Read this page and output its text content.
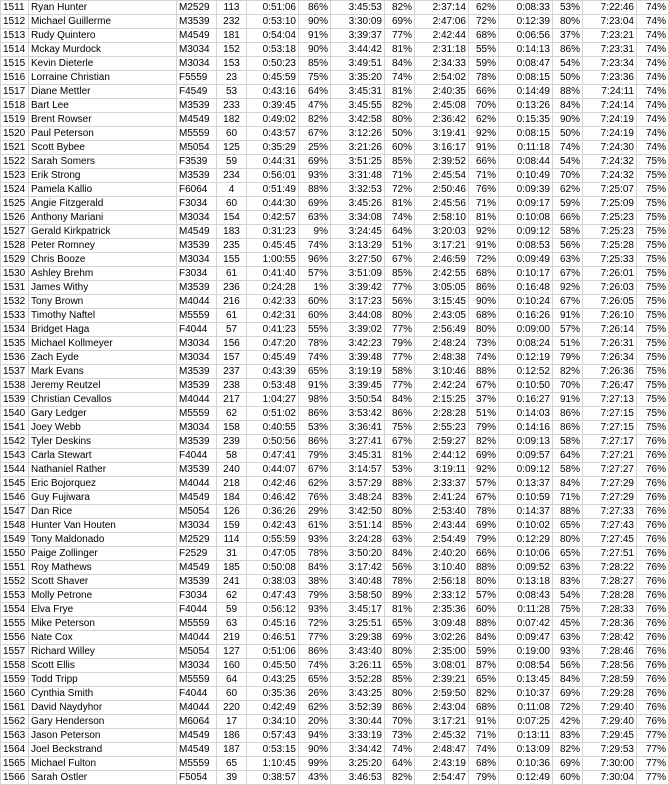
1511	Ryan Hunter	M2529	113	0:51:06	86%	3:45:53	82%	2:37:14	62%	0:08:33	53%	7:22:46	74%
1512	Michael Guillerme	M3539	232	0:53:10	90%	3:30:09	69%	2:47:06	72%	0:12:39	80%	7:23:04	74%
1513	Rudy Quintero	M4549	181	0:54:04	91%	3:39:37	77%	2:42:44	68%	0:06:56	37%	7:23:21	74%
1514	Mckay Murdock	M3034	152	0:53:18	90%	3:44:42	81%	2:31:18	55%	0:14:13	86%	7:23:31	74%
1515	Kevin Dieterle	M3034	153	0:50:23	85%	3:49:51	84%	2:34:33	59%	0:08:47	54%	7:23:34	74%
1516	Lorraine Christian	F5559	23	0:45:59	75%	3:35:20	74%	2:54:02	78%	0:08:15	50%	7:23:36	74%
1517	Diane Mettler	F4549	53	0:43:16	64%	3:45:31	81%	2:40:35	66%	0:14:49	88%	7:24:11	74%
1518	Bart Lee	M3539	233	0:39:45	47%	3:45:55	82%	2:45:08	70%	0:13:26	84%	7:24:14	74%
1519	Brent Rowser	M4549	182	0:49:02	82%	3:42:58	80%	2:36:42	62%	0:15:35	90%	7:24:19	74%
1520	Paul Peterson	M5559	60	0:43:57	67%	3:12:26	50%	3:19:41	92%	0:08:15	50%	7:24:19	74%
1521	Scott Bybee	M5054	125	0:35:29	25%	3:21:26	60%	3:16:17	91%	0:11:18	74%	7:24:30	74%
1522	Sarah Somers	F3539	59	0:44:31	69%	3:51:25	85%	2:39:52	66%	0:08:44	54%	7:24:32	75%
1523	Erik Strong	M3539	234	0:56:01	93%	3:31:48	71%	2:45:54	71%	0:10:49	70%	7:24:32	75%
1524	Pamela Kallio	F6064	4	0:51:49	88%	3:32:53	72%	2:50:46	76%	0:09:39	62%	7:25:07	75%
1525	Angie Fitzgerald	F3034	60	0:44:30	69%	3:45:26	81%	2:45:56	71%	0:09:17	59%	7:25:09	75%
1526	Anthony Mariani	M3034	154	0:42:57	63%	3:34:08	74%	2:58:10	81%	0:10:08	66%	7:25:23	75%
1527	Gerald Kirkpatrick	M4549	183	0:31:23	9%	3:24:45	64%	3:20:03	92%	0:09:12	58%	7:25:23	75%
1528	Peter Romney	M3539	235	0:45:45	74%	3:13:29	51%	3:17:21	91%	0:08:53	56%	7:25:28	75%
1529	Chris Booze	M3034	155	1:00:55	96%	3:27:50	67%	2:46:59	72%	0:09:49	63%	7:25:33	75%
1530	Ashley Brehm	F3034	61	0:41:40	57%	3:51:09	85%	2:42:55	68%	0:10:17	67%	7:26:01	75%
1531	James Withy	M3539	236	0:24:28	1%	3:39:42	77%	3:05:05	86%	0:16:48	92%	7:26:03	75%
1532	Tony Brown	M4044	216	0:42:33	60%	3:17:23	56%	3:15:45	90%	0:10:24	67%	7:26:05	75%
1533	Timothy Naftel	M5559	61	0:42:31	60%	3:44:08	80%	2:43:05	68%	0:16:26	91%	7:26:10	75%
1534	Bridget Haga	F4044	57	0:41:23	55%	3:39:02	77%	2:56:49	80%	0:09:00	57%	7:26:14	75%
1535	Michael Kollmeyer	M3034	156	0:47:20	78%	3:42:23	79%	2:48:24	73%	0:08:24	51%	7:26:31	75%
1536	Zach Eyde	M3034	157	0:45:49	74%	3:39:48	77%	2:48:38	74%	0:12:19	79%	7:26:34	75%
1537	Mark Evans	M3539	237	0:43:39	65%	3:19:19	58%	3:10:46	88%	0:12:52	82%	7:26:36	75%
1538	Jeremy Reutzel	M3539	238	0:53:48	91%	3:39:45	77%	2:42:24	67%	0:10:50	70%	7:26:47	75%
1539	Christian Cevallos	M4044	217	1:04:27	98%	3:50:54	84%	2:15:25	37%	0:16:27	91%	7:27:13	75%
1540	Gary Ledger	M5559	62	0:51:02	86%	3:53:42	86%	2:28:28	51%	0:14:03	86%	7:27:15	75%
1541	Joey Webb	M3034	158	0:40:55	53%	3:36:41	75%	2:55:23	79%	0:14:16	86%	7:27:15	75%
1542	Tyler Deskins	M3539	239	0:50:56	86%	3:27:41	67%	2:59:27	82%	0:09:13	58%	7:27:17	76%
1543	Carla Stewart	F4044	58	0:47:41	79%	3:45:31	81%	2:44:12	69%	0:09:57	64%	7:27:21	76%
1544	Nathaniel Rather	M3539	240	0:44:07	67%	3:14:57	53%	3:19:11	92%	0:09:12	58%	7:27:27	76%
1545	Eric Bojorquez	M4044	218	0:42:46	62%	3:57:29	88%	2:33:37	57%	0:13:37	84%	7:27:29	76%
1546	Guy Fujiwara	M4549	184	0:46:42	76%	3:48:24	83%	2:41:24	67%	0:10:59	71%	7:27:29	76%
1547	Dan Rice	M5054	126	0:36:26	29%	3:42:50	80%	2:53:40	78%	0:14:37	88%	7:27:33	76%
1548	Hunter Van Houten	M3034	159	0:42:43	61%	3:51:14	85%	2:43:44	69%	0:10:02	65%	7:27:43	76%
1549	Tony Maldonado	M2529	114	0:55:59	93%	3:24:28	63%	2:54:49	79%	0:12:29	80%	7:27:45	76%
1550	Paige Zollinger	F2529	31	0:47:05	78%	3:50:20	84%	2:40:20	66%	0:10:06	65%	7:27:51	76%
1551	Roy Mathews	M4549	185	0:50:08	84%	3:17:42	56%	3:10:40	88%	0:09:52	63%	7:28:22	76%
1552	Scott Shaver	M3539	241	0:38:03	38%	3:40:48	78%	2:56:18	80%	0:13:18	83%	7:28:27	76%
1553	Molly Petrone	F3034	62	0:47:43	79%	3:58:50	89%	2:33:12	57%	0:08:43	54%	7:28:28	76%
1554	Elva Frye	F4044	59	0:56:12	93%	3:45:17	81%	2:35:36	60%	0:11:28	75%	7:28:33	76%
1555	Mike Peterson	M5559	63	0:45:16	72%	3:25:51	65%	3:09:48	88%	0:07:42	45%	7:28:36	76%
1556	Nate Cox	M4044	219	0:46:51	77%	3:29:38	69%	3:02:26	84%	0:09:47	63%	7:28:42	76%
1557	Richard Willey	M5054	127	0:51:06	86%	3:43:40	80%	2:35:00	59%	0:19:00	93%	7:28:46	76%
1558	Scott Ellis	M3034	160	0:45:50	74%	3:26:11	65%	3:08:01	87%	0:08:54	56%	7:28:56	76%
1559	Todd Tripp	M5559	64	0:43:25	65%	3:52:28	85%	2:39:21	65%	0:13:45	84%	7:28:59	76%
1560	Cynthia Smith	F4044	60	0:35:36	26%	3:43:25	80%	2:59:50	82%	0:10:37	69%	7:29:28	76%
1561	David Naydyhor	M4044	220	0:42:49	62%	3:52:39	86%	2:43:04	68%	0:11:08	72%	7:29:40	76%
1562	Gary Henderson	M6064	17	0:34:10	20%	3:30:44	70%	3:17:21	91%	0:07:25	42%	7:29:40	76%
1563	Jason Peterson	M4549	186	0:57:43	94%	3:33:19	73%	2:45:32	71%	0:13:11	83%	7:29:45	77%
1564	Joel Beckstrand	M4549	187	0:53:15	90%	3:34:42	74%	2:48:47	74%	0:13:09	82%	7:29:53	77%
1565	Michael Fulton	M5559	65	1:10:45	99%	3:25:20	64%	2:43:19	68%	0:10:36	69%	7:30:00	77%
1566	Sarah Ostler	F5054	39	0:38:57	43%	3:46:53	82%	2:54:47	79%	0:12:49	60%	7:30:04	77%
